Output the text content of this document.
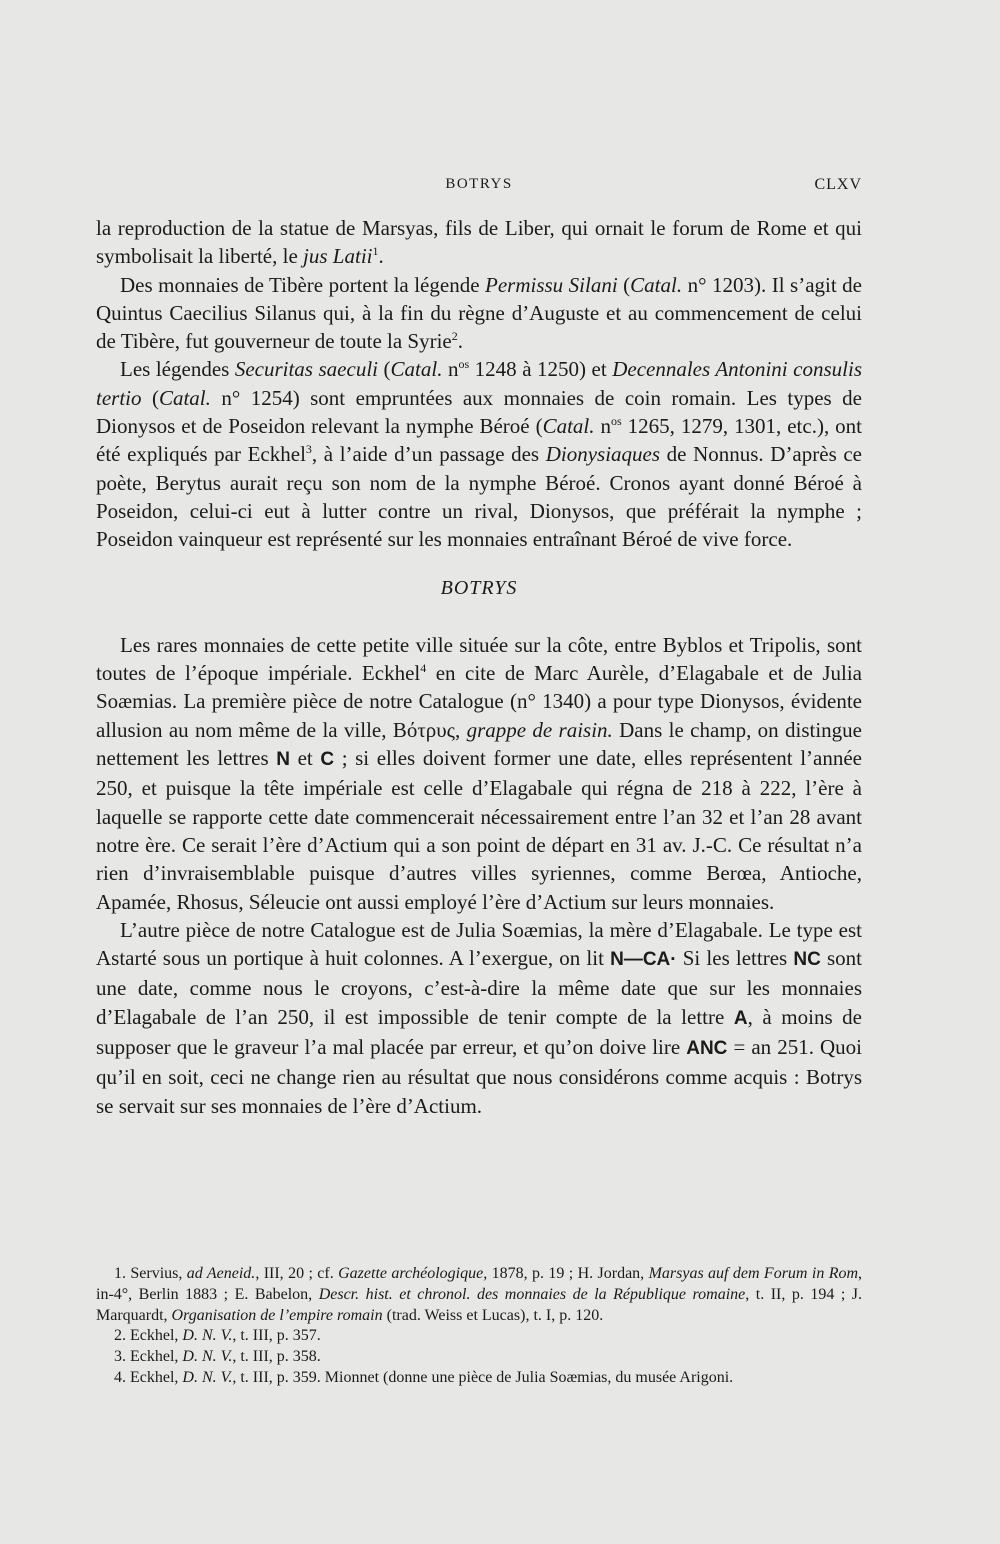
BOTRYS	CLXV

la reproduction de la statue de Marsyas, fils de Liber, qui ornait le forum de Rome et qui symbolisait la liberté, le jus Latii$^1$.

Des monnaies de Tibère portent la légende Permissu Silani (Catal. n° 1203). Il s’agit de Quintus Caecilius Silanus qui, à la fin du règne d’Auguste et au commencement de celui de Tibère, fut gouverneur de toute la Syrie$^2$.

Les légendes Securitas saeculi (Catal. $n^{os}$ 1248 à 1250) et Decennales Antonini consulis tertio (Catal. n° 1254) sont empruntées aux monnaies de coin romain. Les types de Dionysos et de Poseidon relevant la nymphe Béroé (Catal. $n^{os}$ 1265, 1279, 1301, etc.), ont été expliqués par Eckhel$^3$, à l’aide d’un passage des Dionysiaques de Nonnus. D’après ce poète, Berytus aurait reçu son nom de la nymphe Béroé. Cronos ayant donné Béroé à Poseidon, celui-ci eut à lutter contre un rival, Dionysos, que préférait la nymphe ; Poseidon vainqueur est représenté sur les monnaies entraînant Béroé de vive force.

BOTRYS

Les rares monnaies de cette petite ville située sur la côte, entre Byblos et Tripolis, sont toutes de l’époque impériale. Eckhel$^4$ en cite de Marc Aurèle, d’Elagabale et de Julia Soæmias. La première pièce de notre Catalogue (n° 1340) a pour type Dionysos, évidente allusion au nom même de la ville, Βότρυς, grappe de raisin. Dans le champ, on distingue nettement les lettres N et C ; si elles doivent former une date, elles représentent l’année 250, et puisque la tête impériale est celle d’Elagabale qui régna de 218 à 222, l’ère à laquelle se rapporte cette date commencerait nécessairement entre l’an 32 et l’an 28 avant notre ère. Ce serait l’ère d’Actium qui a son point de départ en 31 av. J.-C. Ce résultat n’a rien d’invraisemblable puisque d’autres villes syriennes, comme Berœa, Antioche, Apamée, Rhosus, Séleucie ont aussi employé l’ère d’Actium sur leurs monnaies.

L’autre pièce de notre Catalogue est de Julia Soæmias, la mère d’Elagabale. Le type est Astarté sous un portique à huit colonnes. A l’exergue, on lit N—CA· Si les lettres NC sont une date, comme nous le croyons, c’est-à-dire la même date que sur les monnaies d’Elagabale de l’an 250, il est impossible de tenir compte de la lettre A, à moins de supposer que le graveur l’a mal placée par erreur, et qu’on doive lire ANC = an 251. Quoi qu’il en soit, ceci ne change rien au résultat que nous considérons comme acquis : Botrys se servait sur ses monnaies de l’ère d’Actium.

1. Servius, ad Aeneid., III, 20 ; cf. Gazette archéologique, 1878, p. 19 ; H. Jordan, Marsyas auf dem Forum in Rom, in-4°, Berlin 1883 ; E. Babelon, Descr. hist. et chronol. des monnaies de la République romaine, t. II, p. 194 ; J. Marquardt, Organisation de l’empire romain (trad. Weiss et Lucas), t. I, p. 120.

2. Eckhel, D. N. V., t. III, p. 357.

3. Eckhel, D. N. V., t. III, p. 358.

4. Eckhel, D. N. V., t. III, p. 359. Mionnet (donne une pièce de Julia Soæmias, du musée Arigoni.
